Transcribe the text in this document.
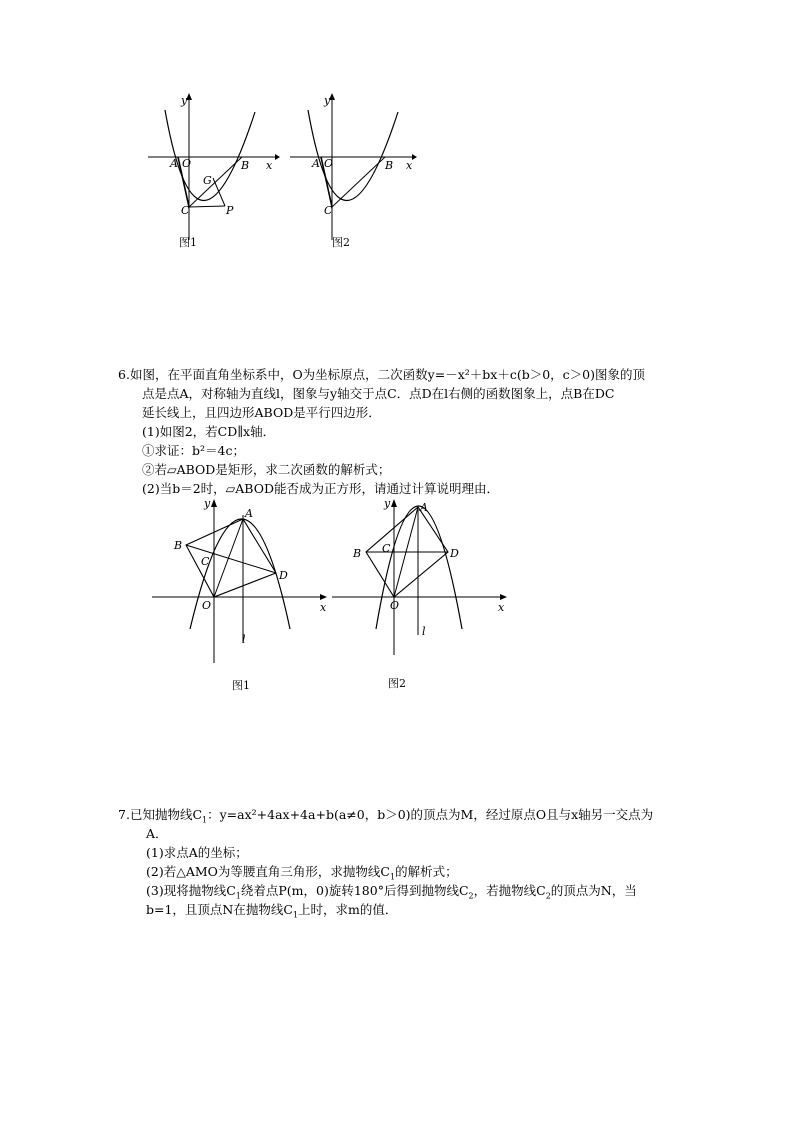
y
x
A O	B
C
G
P
图1
y
x
A O	B
C
图2
6.如图，在平面直角坐标系中，O为坐标原点，二次函数y=－x²＋bx＋c(b＞0，c＞0)图象的顶
点是点A，对称轴为直线l，图象与y轴交于点C．点D在l右侧的函数图象上，点B在DC
延长线上，且四边形ABOD是平行四边形．
(1)如图2，若CD∥x轴．
①求证：b²＝4c；
②若▱ABOD是矩形，求二次函数的解析式；
(2)当b＝2时，▱ABOD能否成为正方形，请通过计算说明理由．
y
x
A
B
C
D
O
l
图1
y
x
A
B C	D
O
l
图2
7.已知抛物线$C_1$：y=ax²+4ax+4a+b(a≠0，b＞0)的顶点为M，经过原点O且与x轴另一交点为
A．
(1)求点A的坐标；
(2)若△AMO为等腰直角三角形，求抛物线$C_1$的解析式；
(3)现将抛物线$C_1$绕着点P(m，0)旋转180°后得到抛物线$C_2$，若抛物线$C_2$的顶点为N，当
b=1，且顶点N在抛物线$C_1$上时，求m的值．
